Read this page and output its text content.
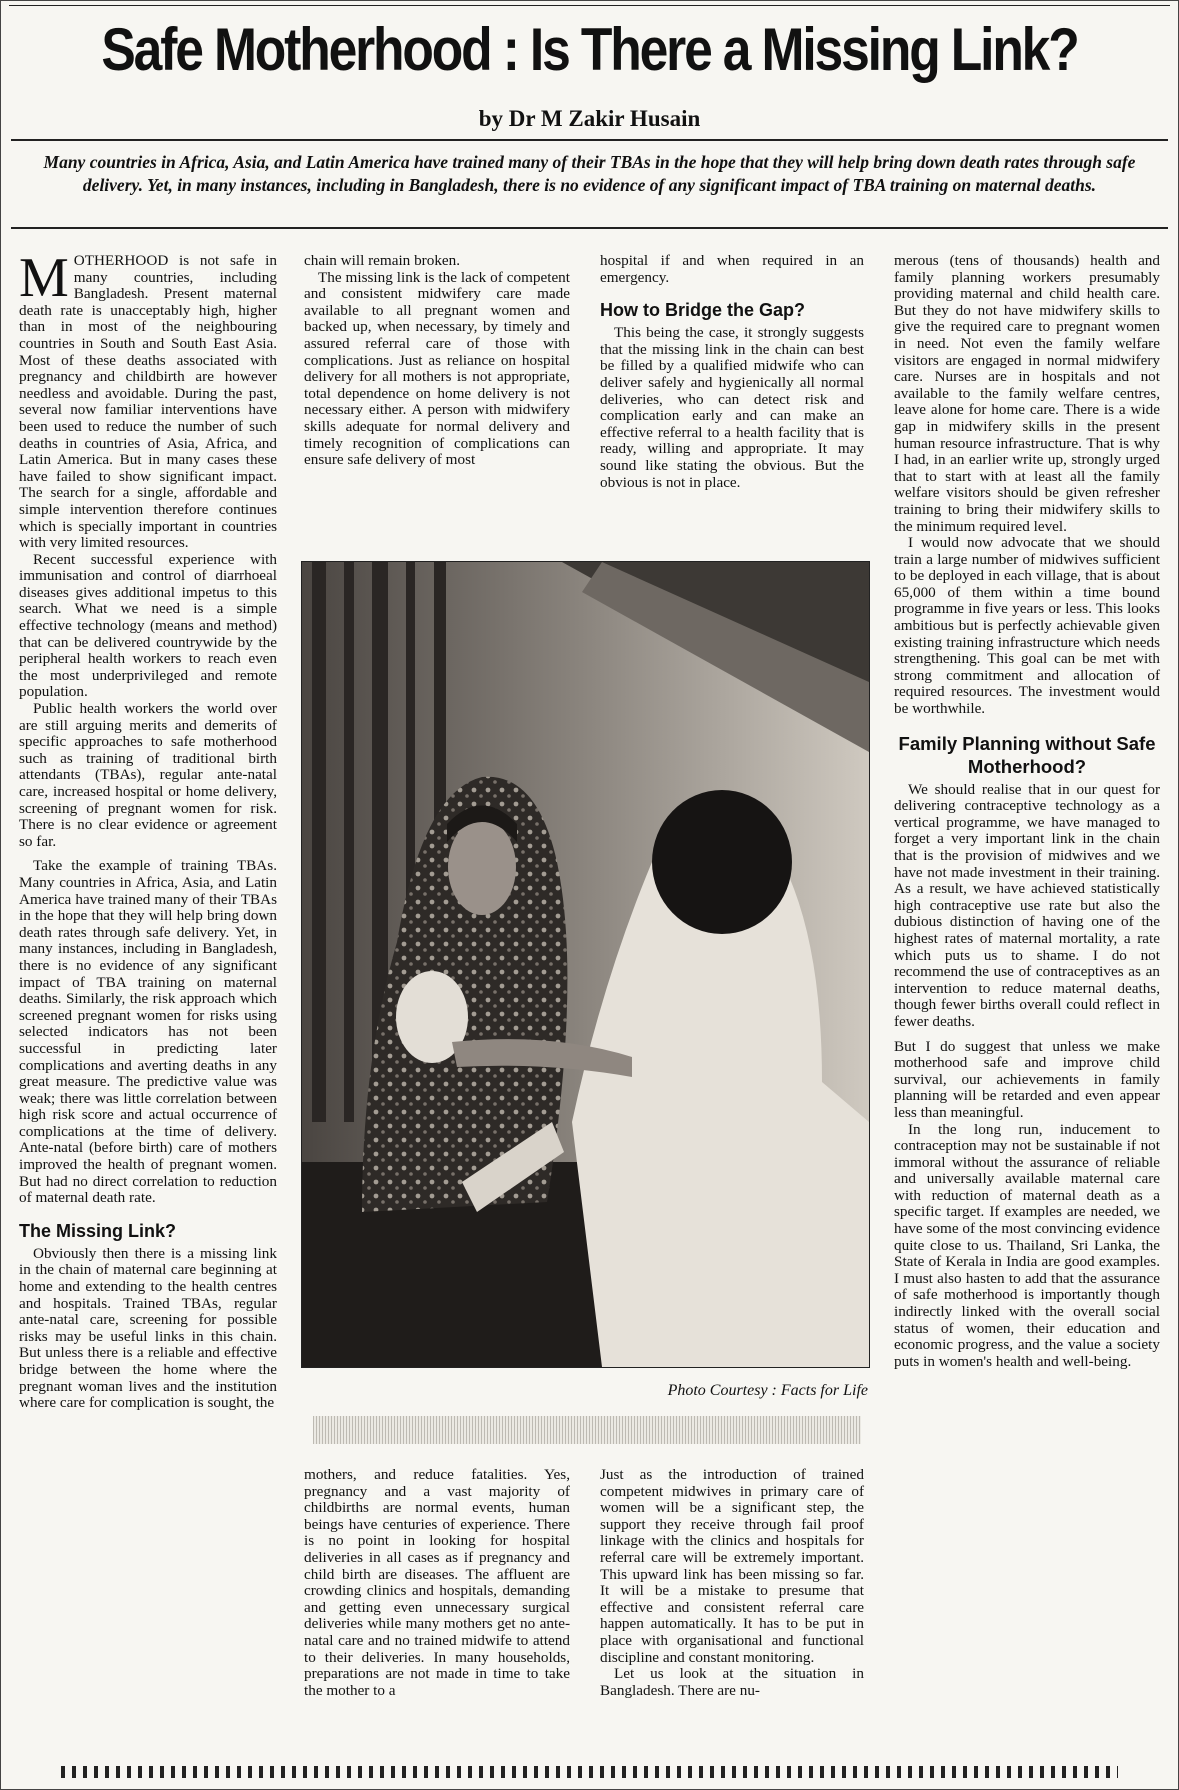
Safe Motherhood : Is There a Missing Link?
by Dr M Zakir Husain

Many countries in Africa, Asia, and Latin America have trained many of their TBAs in the hope that they will help bring down death rates through safe delivery. Yet, in many instances, including in Bangladesh, there is no evidence of any significant impact of TBA training on maternal deaths.

MOTHERHOOD is not safe in many countries, including Bangladesh. Present maternal death rate is unacceptably high, higher than in most of the neighbouring countries in South and South East Asia. Most of these deaths associated with pregnancy and childbirth are however needless and avoidable. During the past, several now familiar interventions have been used to reduce the number of such deaths in countries of Asia, Africa, and Latin America. But in many cases these have failed to show significant impact. The search for a single, affordable and simple intervention therefore continues which is specially important in countries with very limited resources.

Recent successful experience with immunisation and control of diarrhoeal diseases gives additional impetus to this search. What we need is a simple effective technology (means and method) that can be delivered countrywide by the peripheral health workers to reach even the most underprivileged and remote population.

Public health workers the world over are still arguing merits and demerits of specific approaches to safe motherhood such as training of traditional birth attendants (TBAs), regular ante-natal care, increased hospital or home delivery, screening of pregnant women for risk. There is no clear evidence or agreement so far.

Take the example of training TBAs. Many countries in Africa, Asia, and Latin America have trained many of their TBAs in the hope that they will help bring down death rates through safe delivery. Yet, in many instances, including in Bangladesh, there is no evidence of any significant impact of TBA training on maternal deaths. Similarly, the risk approach which screened pregnant women for risks using selected indicators has not been successful in predicting later complications and averting deaths in any great measure. The predictive value was weak; there was little correlation between high risk score and actual occurrence of complications at the time of delivery. Ante-natal (before birth) care of mothers improved the health of pregnant women. But had no direct correlation to reduction of maternal death rate.

The Missing Link?

Obviously then there is a missing link in the chain of maternal care beginning at home and extending to the health centres and hospitals. Trained TBAs, regular ante-natal care, screening for possible risks may be useful links in this chain. But unless there is a reliable and effective bridge between the home where the pregnant woman lives and the institution where care for complication is sought, the

chain will remain broken.

The missing link is the lack of competent and consistent midwifery care made available to all pregnant women and backed up, when necessary, by timely and assured referral care of those with complications. Just as reliance on hospital delivery for all mothers is not appropriate, total dependence on home delivery is not necessary either. A person with midwifery skills adequate for normal delivery and timely recognition of complications can ensure safe delivery of most

hospital if and when required in an emergency.

How to Bridge the Gap?

This being the case, it strongly suggests that the missing link in the chain can best be filled by a qualified midwife who can deliver safely and hygienically all normal deliveries, who can detect risk and complication early and can make an effective referral to a health facility that is ready, willing and appropriate. It may sound like stating the obvious. But the obvious is not in place.

merous (tens of thousands) health and family planning workers presumably providing maternal and child health care. But they do not have midwifery skills to give the required care to pregnant women in need. Not even the family welfare visitors are engaged in normal midwifery care. Nurses are in hospitals and not available to the family welfare centres, leave alone for home care. There is a wide gap in midwifery skills in the present human resource infrastructure. That is why I had, in an earlier write up, strongly urged that to start with at least all the family welfare visitors should be given refresher training to bring their midwifery skills to the minimum required level.

I would now advocate that we should train a large number of midwives sufficient to be deployed in each village, that is about 65,000 of them within a time bound programme in five years or less. This looks ambitious but is perfectly achievable given existing training infrastructure which needs strengthening. This goal can be met with strong commitment and allocation of required resources. The investment would be worthwhile.

Family Planning without Safe Motherhood?

We should realise that in our quest for delivering contraceptive technology as a vertical programme, we have managed to forget a very important link in the chain that is the provision of midwives and we have not made investment in their training. As a result, we have achieved statistically high contraceptive use rate but also the dubious distinction of having one of the highest rates of maternal mortality, a rate which puts us to shame. I do not recommend the use of contraceptives as an intervention to reduce maternal deaths, though fewer births overall could reflect in fewer deaths.

But I do suggest that unless we make motherhood safe and improve child survival, our achievements in family planning will be retarded and even appear less than meaningful.

In the long run, inducement to contraception may not be sustainable if not immoral without the assurance of reliable and universally available maternal care with reduction of maternal death as a specific target. If examples are needed, we have some of the most convincing evidence quite close to us. Thailand, Sri Lanka, the State of Kerala in India are good examples. I must also hasten to add that the assurance of safe motherhood is importantly though indirectly linked with the overall social status of women, their education and economic progress, and the value a society puts in women's health and well-being.

Photo Courtesy : Facts for Life

mothers, and reduce fatalities. Yes, pregnancy and a vast majority of childbirths are normal events, human beings have centuries of experience. There is no point in looking for hospital deliveries in all cases as if pregnancy and child birth are diseases. The affluent are crowding clinics and hospitals, demanding and getting even unnecessary surgical deliveries while many mothers get no ante-natal care and no trained midwife to attend to their deliveries. In many households, preparations are not made in time to take the mother to a

Just as the introduction of trained competent midwives in primary care of women will be a significant step, the support they receive through fail proof linkage with the clinics and hospitals for referral care will be extremely important. This upward link has been missing so far. It will be a mistake to presume that effective and consistent referral care happen automatically. It has to be put in place with organisational and functional discipline and constant monitoring.

Let us look at the situation in Bangladesh. There are nu-
